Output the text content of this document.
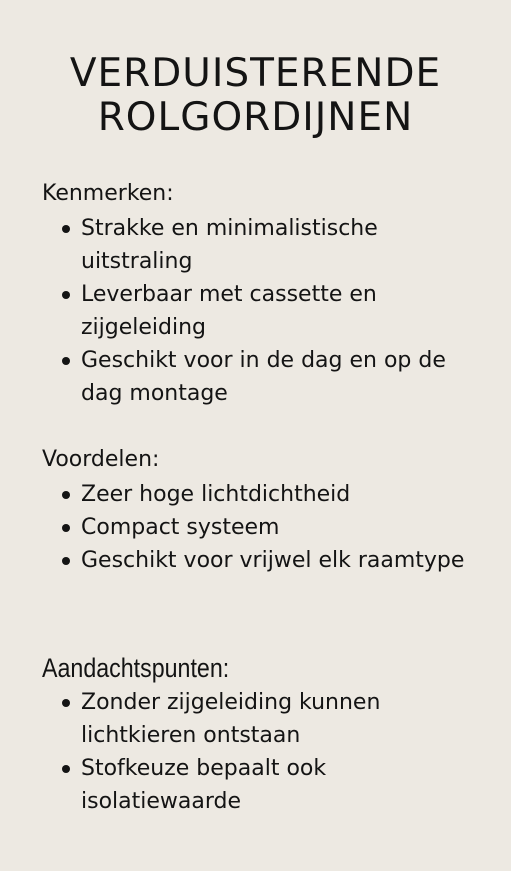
VERDUISTERENDE
ROLGORDIJNEN

Kenmerken:

Strakke en minimalistische uitstraling
Leverbaar met cassette en zijgeleiding
Geschikt voor in de dag en op de dag montage

Voordelen:

Zeer hoge lichtdichtheid
Compact systeem
Geschikt voor vrijwel elk raamtype

Aandachtspunten:

Zonder zijgeleiding kunnen lichtkieren ontstaan
Stofkeuze bepaalt ook isolatiewaarde
